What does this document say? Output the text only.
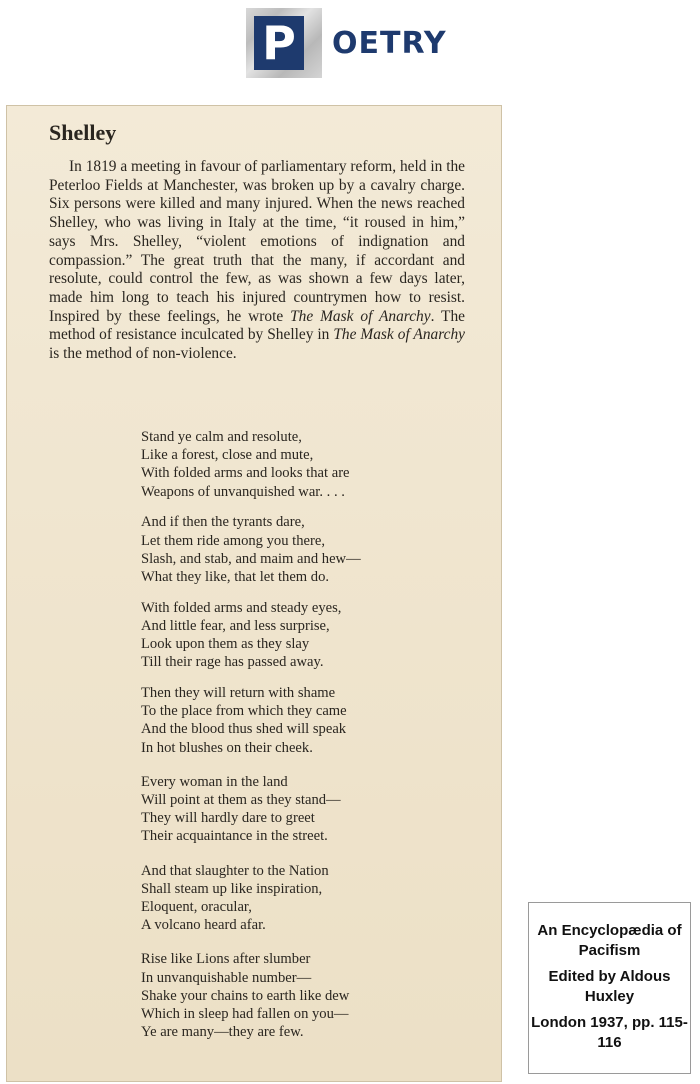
P OETRY
Shelley

In 1819 a meeting in favour of parliamentary reform, held in the Peterloo Fields at Manchester, was broken up by a cavalry charge. Six persons were killed and many injured. When the news reached Shelley, who was living in Italy at the time, “it roused in him,” says Mrs. Shelley, “violent emotions of indignation and compassion.” The great truth that the many, if accordant and resolute, could control the few, as was shown a few days later, made him long to teach his injured countrymen how to resist. Inspired by these feelings, he wrote The Mask of Anarchy. The method of resistance inculcated by Shelley in The Mask of Anarchy is the method of non-violence.

Stand ye calm and resolute,
Like a forest, close and mute,
With folded arms and looks that are
Weapons of unvanquished war. . . .
And if then the tyrants dare,
Let them ride among you there,
Slash, and stab, and maim and hew—
What they like, that let them do.
With folded arms and steady eyes,
And little fear, and less surprise,
Look upon them as they slay
Till their rage has passed away.
Then they will return with shame
To the place from which they came
And the blood thus shed will speak
In hot blushes on their cheek.
Every woman in the land
Will point at them as they stand—
They will hardly dare to greet
Their acquaintance in the street.
And that slaughter to the Nation
Shall steam up like inspiration,
Eloquent, oracular,
A volcano heard afar.
Rise like Lions after slumber
In unvanquishable number—
Shake your chains to earth like dew
Which in sleep had fallen on you—
Ye are many—they are few.

An Encyclopædia of Pacifism

Edited by Aldous Huxley

London 1937, pp. 115-116
